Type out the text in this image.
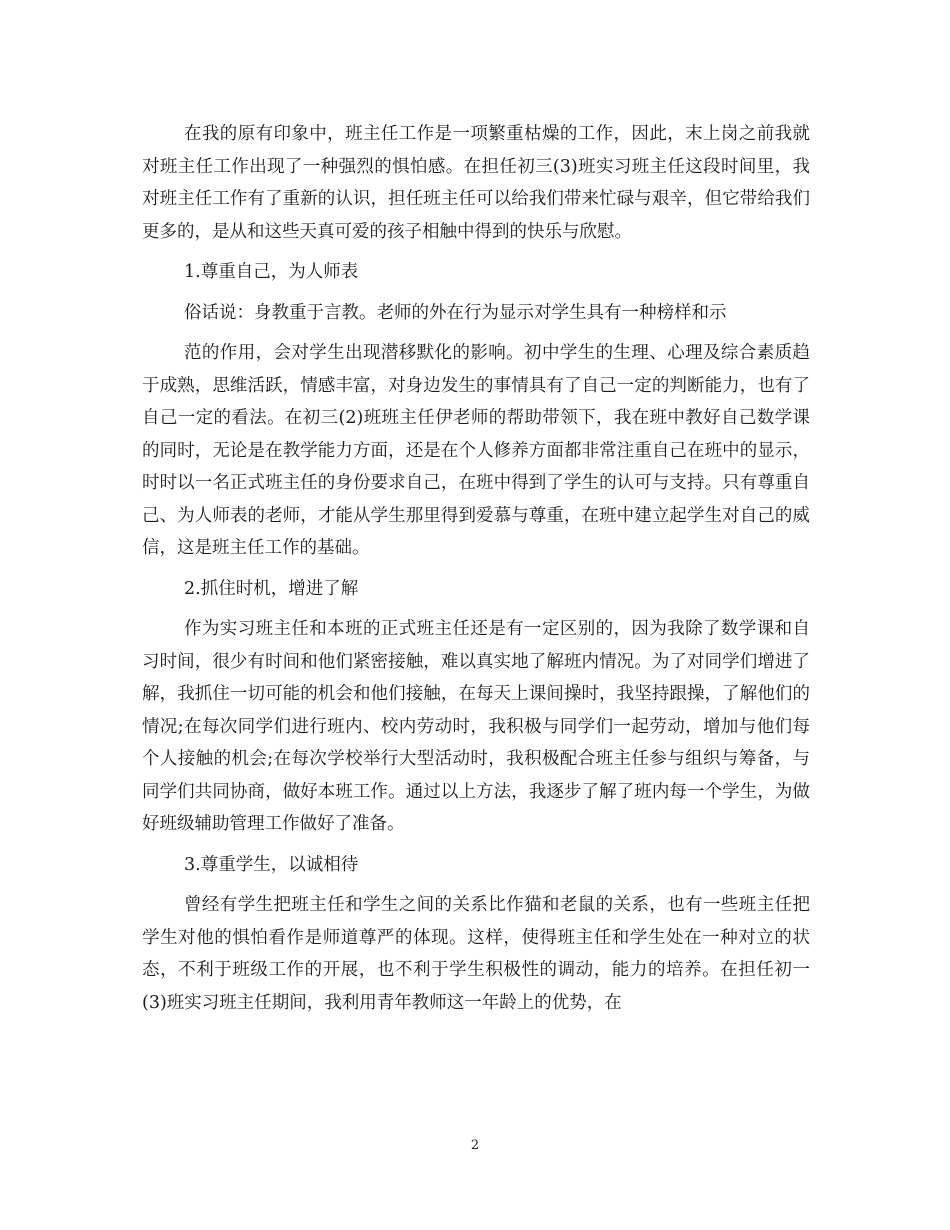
在我的原有印象中，班主任工作是一项繁重枯燥的工作，因此，末上岗之前我就对班主任工作出现了一种强烈的惧怕感。在担任初三(3)班实习班主任这段时间里，我对班主任工作有了重新的认识，担任班主任可以给我们带来忙碌与艰辛，但它带给我们更多的，是从和这些天真可爱的孩子相触中得到的快乐与欣慰。

1.尊重自己，为人师表

俗话说：身教重于言教。老师的外在行为显示对学生具有一种榜样和示

范的作用，会对学生出现潜移默化的影响。初中学生的生理、心理及综合素质趋于成熟，思维活跃，情感丰富，对身边发生的事情具有了自己一定的判断能力，也有了自己一定的看法。在初三(2)班班主任伊老师的帮助带领下，我在班中教好自己数学课的同时，无论是在教学能力方面，还是在个人修养方面都非常注重自己在班中的显示，时时以一名正式班主任的身份要求自己，在班中得到了学生的认可与支持。只有尊重自己、为人师表的老师，才能从学生那里得到爱慕与尊重，在班中建立起学生对自己的威信，这是班主任工作的基础。

2.抓住时机，增进了解

作为实习班主任和本班的正式班主任还是有一定区别的，因为我除了数学课和自习时间，很少有时间和他们紧密接触，难以真实地了解班内情况。为了对同学们增进了解，我抓住一切可能的机会和他们接触，在每天上课间操时，我坚持跟操，了解他们的情况;在每次同学们进行班内、校内劳动时，我积极与同学们一起劳动，增加与他们每个人接触的机会;在每次学校举行大型活动时，我积极配合班主任参与组织与筹备，与同学们共同协商，做好本班工作。通过以上方法，我逐步了解了班内每一个学生，为做好班级辅助管理工作做好了准备。

3.尊重学生，以诚相待

曾经有学生把班主任和学生之间的关系比作猫和老鼠的关系，也有一些班主任把学生对他的惧怕看作是师道尊严的体现。这样，使得班主任和学生处在一种对立的状态，不利于班级工作的开展，也不利于学生积极性的调动，能力的培养。在担任初一(3)班实习班主任期间，我利用青年教师这一年龄上的优势，在

2
